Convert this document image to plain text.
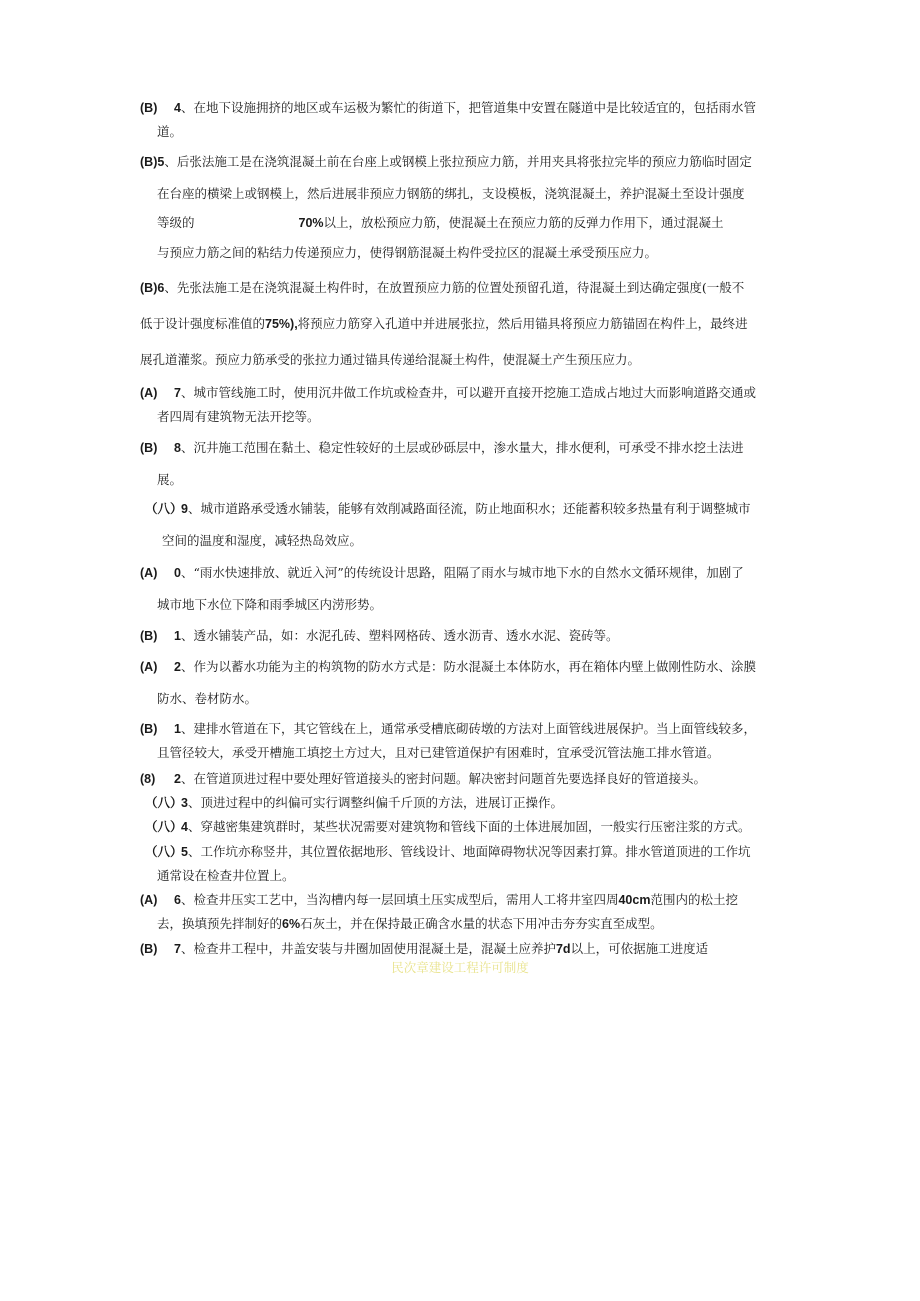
(B) 4、在地下设施拥挤的地区或车运极为繁忙的街道下，把管道集中安置在隧道中是比较适宜的，包括雨水管
道。
(B)5、后张法施工是在浇筑混凝土前在台座上或钢模上张拉预应力筋，并用夹具将张拉完毕的预应力筋临时固定
在台座的横梁上或钢模上，然后进展非预应力钢筋的绑扎，支设模板，浇筑混凝土，养护混凝土至设计强度
等级的	70%以上，放松预应力筋，使混凝土在预应力筋的反弹力作用下，通过混凝土
与预应力筋之间的粘结力传递预应力，使得钢筋混凝土构件受拉区的混凝土承受预压应力。
(B)6、先张法施工是在浇筑混凝土构件时，在放置预应力筋的位置处预留孔道，待混凝土到达确定强度(一般不
低于设计强度标准值的75%),将预应力筋穿入孔道中并进展张拉，然后用锚具将预应力筋锚固在构件上，最终进
展孔道灌浆。预应力筋承受的张拉力通过锚具传递给混凝土构件，使混凝土产生预压应力。
(A) 7、城市管线施工时，使用沉井做工作坑或检查井，可以避开直接开挖施工造成占地过大而影响道路交通或
者四周有建筑物无法开挖等。
(B) 8、沉井施工范围在黏土、稳定性较好的土层或砂砾层中，渗水量大，排水便利，可承受不排水挖土法进
展。
（八）9、城市道路承受透水铺装，能够有效削减路面径流，防止地面积水；还能蓄积较多热量有利于调整城市
空间的温度和湿度，减轻热岛效应。
(A) 0、“雨水快速排放、就近入河”的传统设计思路，阻隔了雨水与城市地下水的自然水文循环规律，加剧了
城市地下水位下降和雨季城区内涝形势。
(B) 1、透水铺装产品，如：水泥孔砖、塑料网格砖、透水沥青、透水水泥、瓷砖等。
(A) 2、作为以蓄水功能为主的构筑物的防水方式是：防水混凝土本体防水，再在箱体内壁上做刚性防水、涂膜
防水、卷材防水。
(B) 1、建排水管道在下，其它管线在上，通常承受槽底砌砖墩的方法对上面管线进展保护。当上面管线较多，
且管径较大，承受开槽施工填挖土方过大，且对已建管道保护有困难时，宜承受沉管法施工排水管道。
(8) 2、在管道顶进过程中要处理好管道接头的密封问题。解决密封问题首先要选择良好的管道接头。
（八）3、顶进过程中的纠偏可实行调整纠偏千斤顶的方法，进展订正操作。
（八）4、穿越密集建筑群时，某些状况需要对建筑物和管线下面的土体进展加固，一般实行压密注浆的方式。
（八）5、工作坑亦称竖井，其位置依据地形、管线设计、地面障碍物状况等因素打算。排水管道顶进的工作坑
通常设在检查井位置上。
(A) 6、检查井压实工艺中，当沟槽内每一层回填土压实成型后，需用人工将井室四周40cm范围内的松土挖
去，换填预先拌制好的6%石灰土，并在保持最正确含水量的状态下用冲击夯夯实直至成型。
(B) 7、检查井工程中，井盖安装与井圈加固使用混凝土是，混凝土应养护7d以上，可依据施工进度适
民次章建设工程许可制度
